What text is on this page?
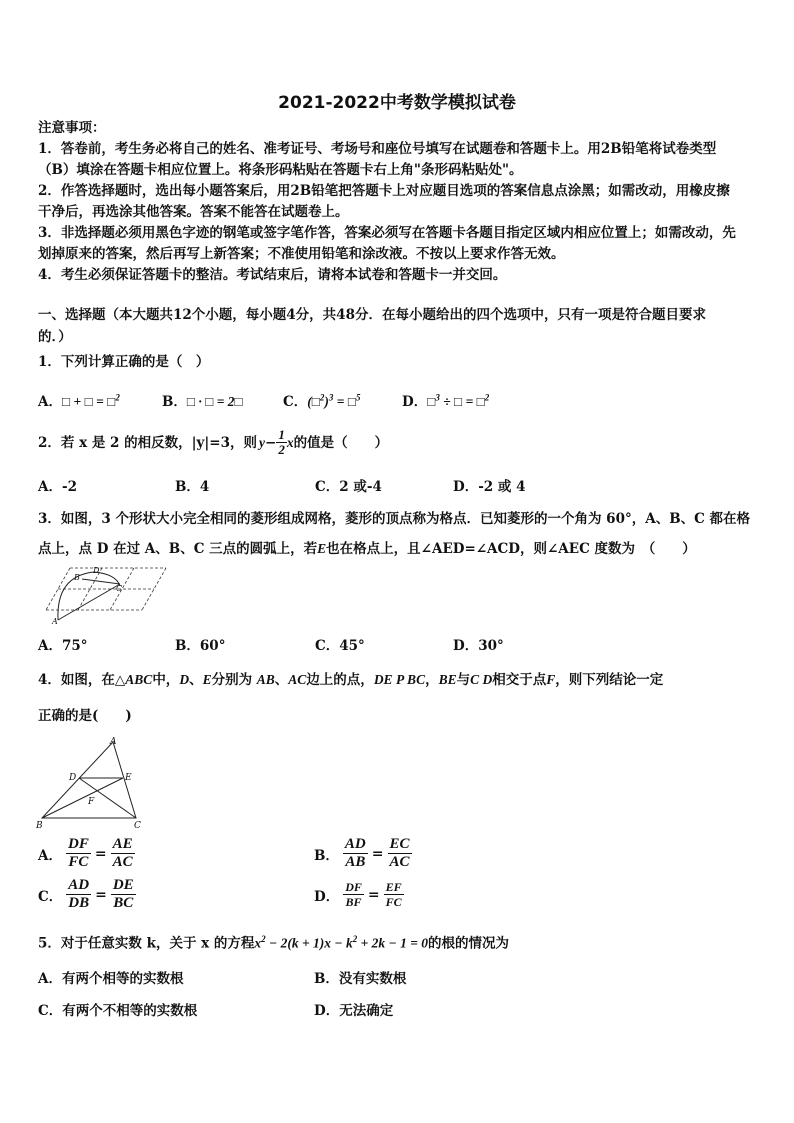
2021-2022中考数学模拟试卷
注意事项：
1．答卷前，考生务必将自己的姓名、准考证号、考场号和座位号填写在试题卷和答题卡上。用2B铅笔将试卷类型
（B）填涂在答题卡相应位置上。将条形码粘贴在答题卡右上角"条形码粘贴处"。
2．作答选择题时，选出每小题答案后，用2B铅笔把答题卡上对应题目选项的答案信息点涂黑；如需改动，用橡皮擦
干净后，再选涂其他答案。答案不能答在试题卷上。
3．非选择题必须用黑色字迹的钢笔或签字笔作答，答案必须写在答题卡各题目指定区域内相应位置上；如需改动，先
划掉原来的答案，然后再写上新答案；不准使用铅笔和涂改液。不按以上要求作答无效。
4．考生必须保证答题卡的整洁。考试结束后，请将本试卷和答题卡一并交回。
一、选择题（本大题共12个小题，每小题4分，共48分．在每小题给出的四个选项中，只有一项是符合题目要求
的．）
1．下列计算正确的是（　）
A．□ + □ = □$^2$	B．□ · □ = 2□	C．(□$^2$)$^3$ = □$^5$	D．□$^3$ ÷ □ = □$^2$
2．若 x 是 2 的相反数，|y|=3，则 $y - \frac{1}{2}$ x 的值是（　　）
A．-2	B．4	C．2 或-4	D．-2 或 4
3．如图，3 个形状大小完全相同的菱形组成网格，菱形的顶点称为格点．已知菱形的一个角为 60°，A、B、C 都在格
点上，点 D 在过 A、B、C 三点的圆弧上，若E也在格点上，且∠AED=∠ACD，则∠AEC 度数为　（　　）
B
D
C
A
A．75°	B．60°	C．45°	D．30°
4．如图，在△ABC中，D、E分别为 AB、AC边上的点，DE P BC，BE与C D相交于点F，则下列结论一定
正确的是(　　)
A
D	E
F
B	C
A． $\frac{DF}{FC} = \frac{AE}{AC}$	B． $\frac{AD}{AB} = \frac{EC}{AC}$
C． $\frac{AD}{DB} = \frac{DE}{BC}$	D． $\frac{DF}{BF} = \frac{EF}{FC}$
5．对于任意实数 k，关于 x 的方程$x^2 - 2(k + 1)x - k^2 + 2k - 1 = 0$的根的情况为
A．有两个相等的实数根	B．没有实数根
C．有两个不相等的实数根	D．无法确定
